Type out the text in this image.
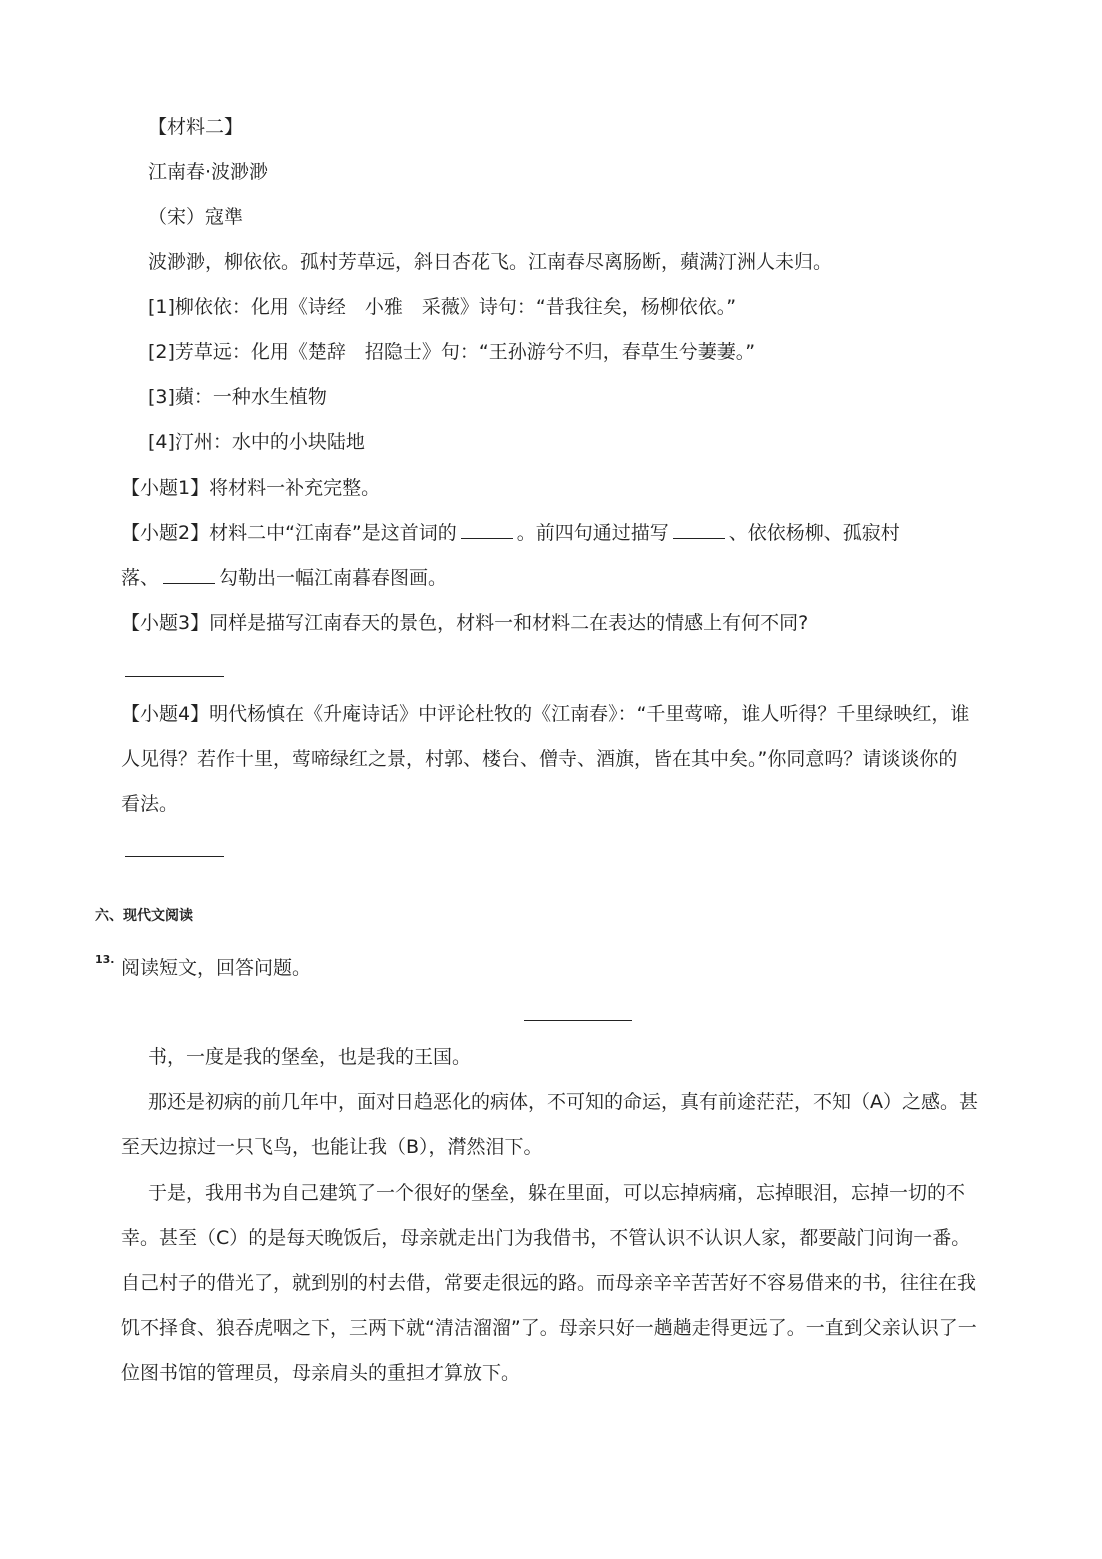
【材料二】
江南春·波渺渺
（宋）寇準
波渺渺，柳依依。孤村芳草远，斜日杏花飞。江南春尽离肠断，蘋满汀洲人未归。
[1]柳依依：化用《诗经　小雅　采薇》诗句：“昔我往矣，杨柳依依。”
[2]芳草远：化用《楚辞　招隐士》句：“王孙游兮不归，春草生兮萋萋。”
[3]蘋：一种水生植物
[4]汀州：水中的小块陆地
【小题1】将材料一补充完整。
【小题2】材料二中“江南春”是这首词的	。前四句通过描写	、依依杨柳、孤寂村
落、	勾勒出一幅江南暮春图画。
【小题3】同样是描写江南春天的景色，材料一和材料二在表达的情感上有何不同?
【小题4】明代杨慎在《升庵诗话》中评论杜牧的《江南春》：“千里莺啼，谁人听得？千里绿映红，谁
人见得？若作十里，莺啼绿红之景，村郭、楼台、僧寺、酒旗，皆在其中矣。”你同意吗？请谈谈你的
看法。
六、现代文阅读
13. 阅读短文，回答问题。
书，一度是我的堡垒，也是我的王国。
那还是初病的前几年中，面对日趋恶化的病体，不可知的命运，真有前途茫茫，不知（A）之感。甚
至天边掠过一只飞鸟，也能让我（B），潸然泪下。
于是，我用书为自己建筑了一个很好的堡垒，躲在里面，可以忘掉病痛，忘掉眼泪，忘掉一切的不
幸。甚至（C）的是每天晚饭后，母亲就走出门为我借书，不管认识不认识人家，都要敲门问询一番。
自己村子的借光了，就到别的村去借，常要走很远的路。而母亲辛辛苦苦好不容易借来的书，往往在我
饥不择食、狼吞虎咽之下，三两下就“清洁溜溜”了。母亲只好一趟趟走得更远了。一直到父亲认识了一
位图书馆的管理员，母亲肩头的重担才算放下。
